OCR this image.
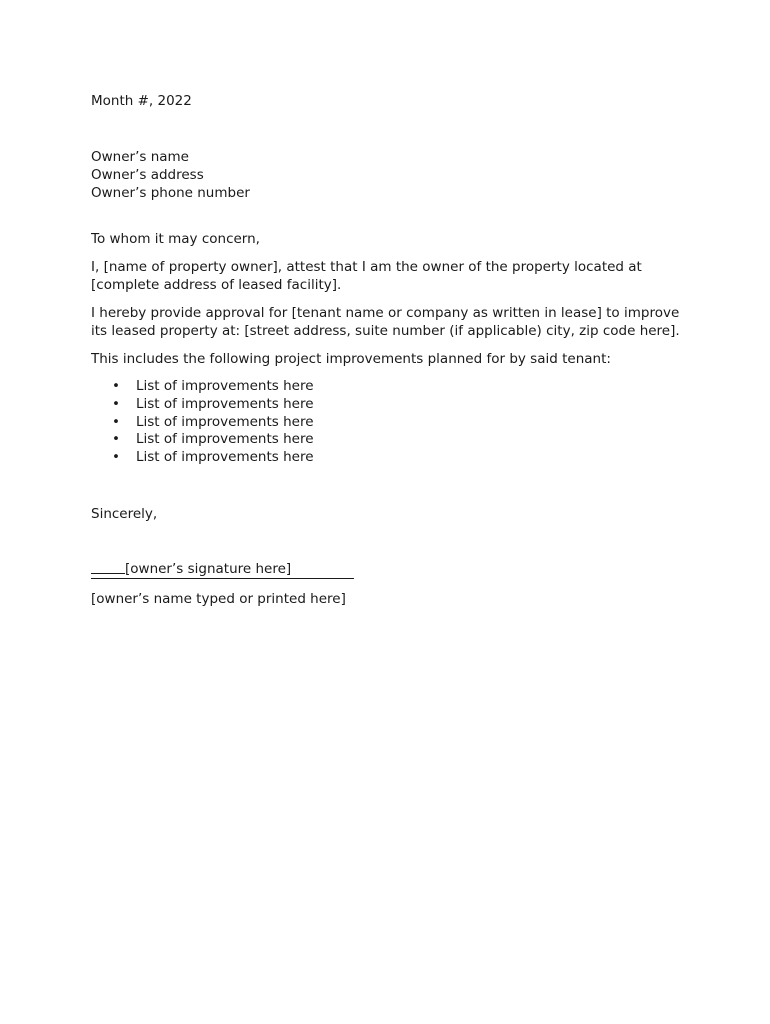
Month #, 2022
Owner’s name
Owner’s address
Owner’s phone number
To whom it may concern,

I, [name of property owner], attest that I am the owner of the property located at [complete address of leased facility].

I hereby provide approval for [tenant name or company as written in lease] to improve its leased property at: [street address, suite number (if applicable) city, zip code here].

This includes the following project improvements planned for by said tenant:

• List of improvements here
• List of improvements here
• List of improvements here
• List of improvements here
• List of improvements here
Sincerely,
[owner’s signature here]
[owner’s name typed or printed here]
